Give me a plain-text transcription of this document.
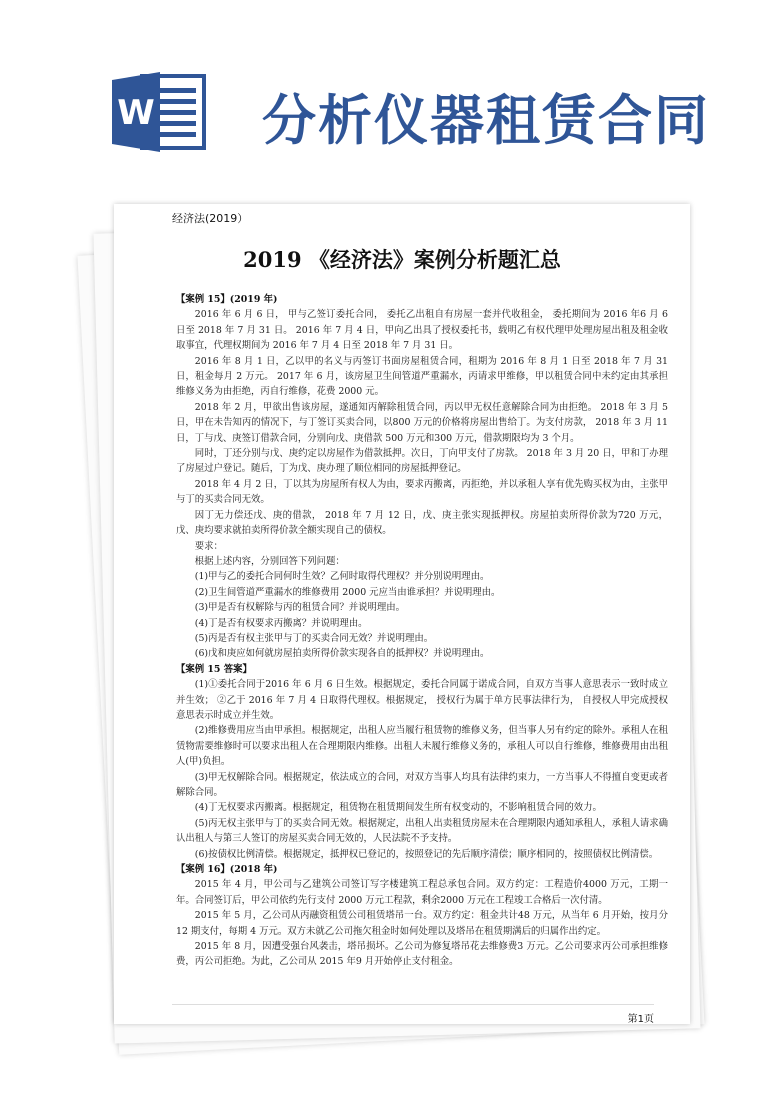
W 分析仪器租赁合同
经济法(2019）
2019 《经济法》案例分析题汇总

【案例 15】(2019 年)

2016 年 6 月 6 日， 甲与乙签订委托合同， 委托乙出租自有房屋一套并代收租金， 委托期间为 2016 年6 月 6 日至 2018 年 7 月 31 日。 2016 年 7 月 4 日，甲向乙出具了授权委托书，载明乙有权代理甲处理房屋出租及租金收取事宜，代理权期间为 2016 年 7 月 4 日至 2018 年 7 月 31 日。

2016 年 8 月 1 日，乙以甲的名义与丙签订书面房屋租赁合同，租期为 2016 年 8 月 1 日至 2018 年 7 月 31 日，租金每月 2 万元。 2017 年 6 月，该房屋卫生间管道严重漏水，丙请求甲维修，甲以租赁合同中未约定由其承担维修义务为由拒绝，丙自行维修，花费 2000 元。

2018 年 2 月，甲欲出售该房屋，遂通知丙解除租赁合同，丙以甲无权任意解除合同为由拒绝。 2018 年 3 月 5 日，甲在未告知丙的情况下，与丁签订买卖合同，以800 万元的价格将房屋出售给丁。为支付房款， 2018 年 3 月 11 日，丁与戊、庚签订借款合同，分别向戊、庚借款 500 万元和300 万元，借款期限均为 3 个月。

同时，丁还分别与戊、庚约定以房屋作为借款抵押。次日，丁向甲支付了房款。 2018 年 3 月 20 日，甲和丁办理了房屋过户登记。随后，丁为戊、庚办理了顺位相同的房屋抵押登记。

2018 年 4 月 2 日，丁以其为房屋所有权人为由，要求丙搬离，丙拒绝，并以承租人享有优先购买权为由，主张甲与丁的买卖合同无效。

因丁无力偿还戊、庚的借款， 2018 年 7 月 12 日，戊、庚主张实现抵押权。房屋拍卖所得价款为720 万元，戊、庚均要求就拍卖所得价款全额实现自己的债权。

要求：

根据上述内容，分别回答下列问题：

(1)甲与乙的委托合同何时生效？乙何时取得代理权？并分别说明理由。

(2)卫生间管道严重漏水的维修费用 2000 元应当由谁承担？并说明理由。

(3)甲是否有权解除与丙的租赁合同？并说明理由。

(4)丁是否有权要求丙搬离？并说明理由。

(5)丙是否有权主张甲与丁的买卖合同无效？并说明理由。

(6)戊和庚应如何就房屋拍卖所得价款实现各自的抵押权？并说明理由。

【案例 15 答案】

(1)①委托合同于2016 年 6 月 6 日生效。根据规定，委托合同属于诺成合同，自双方当事人意思表示一致时成立并生效； ②乙于 2016 年 7 月 4 日取得代理权。根据规定， 授权行为属于单方民事法律行为， 自授权人甲完成授权意思表示时成立并生效。

(2)维修费用应当由甲承担。根据规定，出租人应当履行租赁物的维修义务，但当事人另有约定的除外。承租人在租赁物需要维修时可以要求出租人在合理期限内维修。出租人未履行维修义务的，承租人可以自行维修，维修费用由出租人(甲)负担。

(3)甲无权解除合同。根据规定，依法成立的合同，对双方当事人均具有法律约束力，一方当事人不得擅自变更或者解除合同。

(4)丁无权要求丙搬离。根据规定，租赁物在租赁期间发生所有权变动的，不影响租赁合同的效力。

(5)丙无权主张甲与丁的买卖合同无效。根据规定，出租人出卖租赁房屋未在合理期限内通知承租人，承租人请求确认出租人与第三人签订的房屋买卖合同无效的，人民法院不予支持。

(6)按债权比例清偿。根据规定，抵押权已登记的，按照登记的先后顺序清偿；顺序相同的，按照债权比例清偿。

【案例 16】(2018 年)

2015 年 4 月，甲公司与乙建筑公司签订写字楼建筑工程总承包合同。双方约定：工程造价4000 万元，工期一年。合同签订后，甲公司依约先行支付 2000 万元工程款，剩余2000 万元在工程竣工合格后一次付清。

2015 年 5 月，乙公司从丙融资租赁公司租赁塔吊一台。双方约定：租金共计48 万元，从当年 6 月开始，按月分 12 期支付，每期 4 万元。双方未就乙公司拖欠租金时如何处理以及塔吊在租赁期满后的归属作出约定。

2015 年 8 月，因遭受强台风袭击，塔吊损坏。乙公司为修复塔吊花去维修费3 万元。乙公司要求丙公司承担维修费，丙公司拒绝。为此，乙公司从 2015 年9 月开始停止支付租金。

第1页
